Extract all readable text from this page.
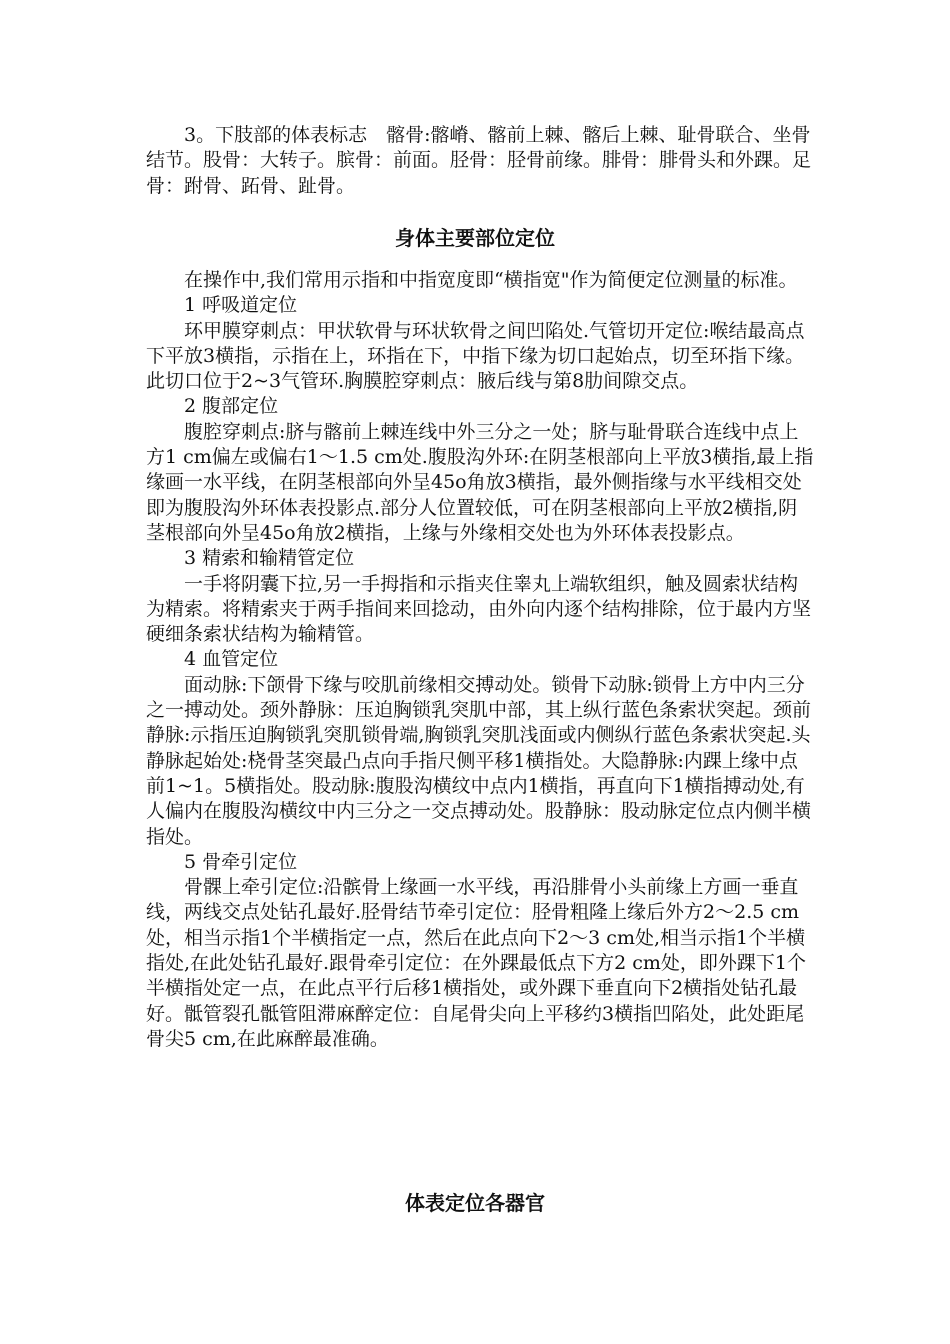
3。下肢部的体表标志　髂骨:髂嵴、髂前上棘、髂后上棘、耻骨联合、坐骨结节。股骨：大转子。膑骨：前面。胫骨：胫骨前缘。腓骨：腓骨头和外踝。足骨：跗骨、跖骨、趾骨。

身体主要部位定位

在操作中,我们常用示指和中指宽度即“横指宽"作为简便定位测量的标准。

1 呼吸道定位

环甲膜穿刺点：甲状软骨与环状软骨之间凹陷处.气管切开定位:喉结最高点下平放3横指，示指在上，环指在下，中指下缘为切口起始点，切至环指下缘。此切口位于2~3气管环.胸膜腔穿刺点：腋后线与第8肋间隙交点。

2 腹部定位

腹腔穿刺点:脐与髂前上棘连线中外三分之一处；脐与耻骨联合连线中点上方1 cm偏左或偏右1～1.5 cm处.腹股沟外环:在阴茎根部向上平放3横指,最上指缘画一水平线，在阴茎根部向外呈45o角放3横指，最外侧指缘与水平线相交处即为腹股沟外环体表投影点.部分人位置较低，可在阴茎根部向上平放2横指,阴茎根部向外呈45o角放2横指，上缘与外缘相交处也为外环体表投影点。

3 精索和输精管定位

一手将阴囊下拉,另一手拇指和示指夹住睾丸上端软组织，触及圆索状结构为精索。将精索夹于两手指间来回捻动，由外向内逐个结构排除，位于最内方坚硬细条索状结构为输精管。

4 血管定位

面动脉:下颌骨下缘与咬肌前缘相交搏动处。锁骨下动脉:锁骨上方中内三分之一搏动处。颈外静脉：压迫胸锁乳突肌中部，其上纵行蓝色条索状突起。颈前静脉:示指压迫胸锁乳突肌锁骨端,胸锁乳突肌浅面或内侧纵行蓝色条索状突起.头静脉起始处:桡骨茎突最凸点向手指尺侧平移1横指处。大隐静脉:内踝上缘中点前1~1。5横指处。股动脉:腹股沟横纹中点内1横指，再直向下1横指搏动处,有人偏内在腹股沟横纹中内三分之一交点搏动处。股静脉：股动脉定位点内侧半横指处。

5 骨牵引定位

骨髁上牵引定位:沿髌骨上缘画一水平线，再沿腓骨小头前缘上方画一垂直线，两线交点处钻孔最好.胫骨结节牵引定位：胫骨粗隆上缘后外方2～2.5 cm处，相当示指1个半横指定一点，然后在此点向下2～3 cm处,相当示指1个半横指处,在此处钻孔最好.跟骨牵引定位：在外踝最低点下方2 cm处，即外踝下1个半横指处定一点，在此点平行后移1横指处，或外踝下垂直向下2横指处钻孔最好。骶管裂孔骶管阻滞麻醉定位：自尾骨尖向上平移约3横指凹陷处，此处距尾骨尖5 cm,在此麻醉最准确。

体表定位各器官
